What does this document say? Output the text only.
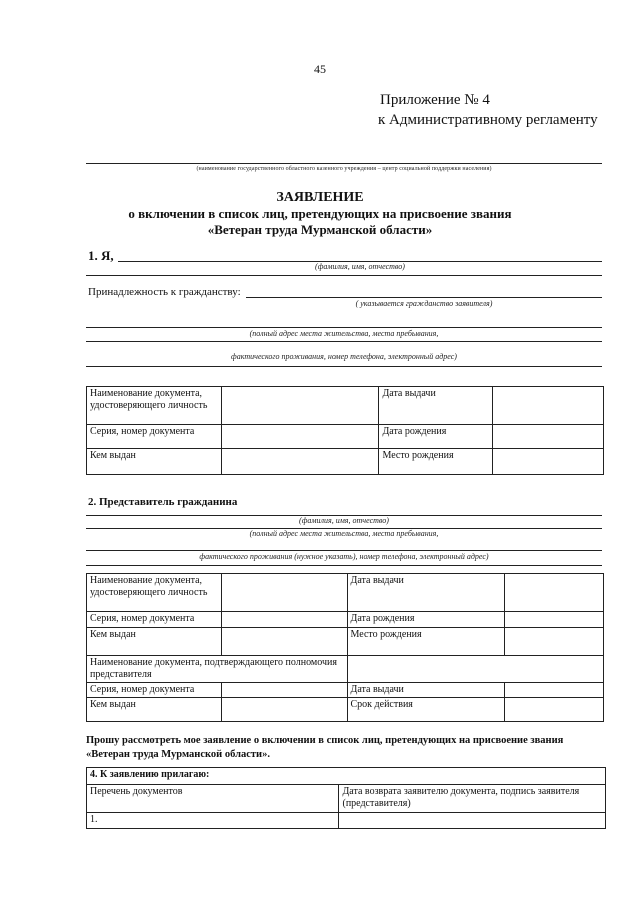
45
Приложение № 4
к Административному регламенту
(наименование государственного областного казенного учреждения – центр социальной поддержки населения)
ЗАЯВЛЕНИЕ
о включении в список лиц, претендующих на присвоение звания
«Ветеран труда Мурманской области»
1. Я,
(фамилия, имя, отчество)
Принадлежность к гражданству:
( указывается гражданство заявителя)
(полный адрес места жительства, места пребывания,
фактического проживания, номер телефона, электронный адрес)
Наименование документа, удостоверяющего личность		Дата выдачи	
Серия, номер документа		Дата рождения	
Кем выдан		Место рождения	
2. Представитель гражданина
(фамилия, имя, отчество)
(полный адрес места жительства, места пребывания,
фактического проживания (нужное указать), номер телефона, электронный адрес)
Наименование документа, удостоверяющего личность		Дата выдачи	
Серия, номер документа		Дата рождения	
Кем выдан		Место рождения	
Наименование документа, подтверждающего полномочия представителя			
Серия, номер документа		Дата выдачи	
Кем выдан		Срок действия	
Прошу рассмотреть мое заявление о включении в список лиц, претендующих на присвоение звания «Ветеран труда Мурманской области».
4. К заявлению прилагаю:	
Перечень документов	Дата возврата заявителю документа, подпись заявителя (представителя)
1.	
